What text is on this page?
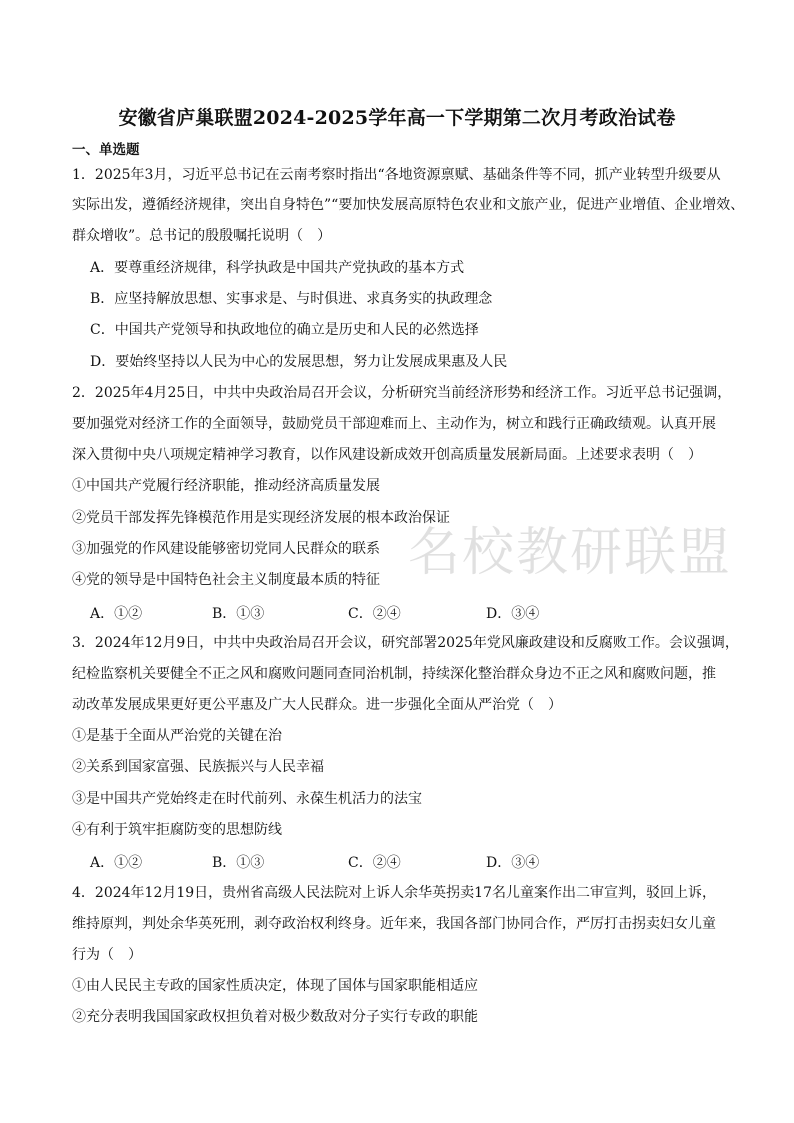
名校教研联盟
安徽省庐巢联盟2024-2025学年高一下学期第二次月考政治试卷
一、单选题
1．2025年3月，习近平总书记在云南考察时指出“各地资源禀赋、基础条件等不同，抓产业转型升级要从
实际出发，遵循经济规律，突出自身特色”“要加快发展高原特色农业和文旅产业，促进产业增值、企业增效、
群众增收”。总书记的殷殷嘱托说明（　）
A．要尊重经济规律，科学执政是中国共产党执政的基本方式
B．应坚持解放思想、实事求是、与时俱进、求真务实的执政理念
C．中国共产党领导和执政地位的确立是历史和人民的必然选择
D．要始终坚持以人民为中心的发展思想，努力让发展成果惠及人民
2．2025年4月25日，中共中央政治局召开会议，分析研究当前经济形势和经济工作。习近平总书记强调，
要加强党对经济工作的全面领导，鼓励党员干部迎难而上、主动作为，树立和践行正确政绩观。认真开展
深入贯彻中央八项规定精神学习教育，以作风建设新成效开创高质量发展新局面。上述要求表明（　）
①中国共产党履行经济职能，推动经济高质量发展
②党员干部发挥先锋模范作用是实现经济发展的根本政治保证
③加强党的作风建设能够密切党同人民群众的联系
④党的领导是中国特色社会主义制度最本质的特征
A．①②	B．①③	C．②④	D．③④
3．2024年12月9日，中共中央政治局召开会议，研究部署2025年党风廉政建设和反腐败工作。会议强调，
纪检监察机关要健全不正之风和腐败问题同查同治机制，持续深化整治群众身边不正之风和腐败问题，推
动改革发展成果更好更公平惠及广大人民群众。进一步强化全面从严治党（　）
①是基于全面从严治党的关键在治
②关系到国家富强、民族振兴与人民幸福
③是中国共产党始终走在时代前列、永葆生机活力的法宝
④有利于筑牢拒腐防变的思想防线
A．①②	B．①③	C．②④	D．③④
4．2024年12月19日，贵州省高级人民法院对上诉人余华英拐卖17名儿童案作出二审宣判，驳回上诉，
维持原判，判处余华英死刑，剥夺政治权利终身。近年来，我国各部门协同合作，严厉打击拐卖妇女儿童
行为（　）
①由人民民主专政的国家性质决定，体现了国体与国家职能相适应
②充分表明我国国家政权担负着对极少数敌对分子实行专政的职能
